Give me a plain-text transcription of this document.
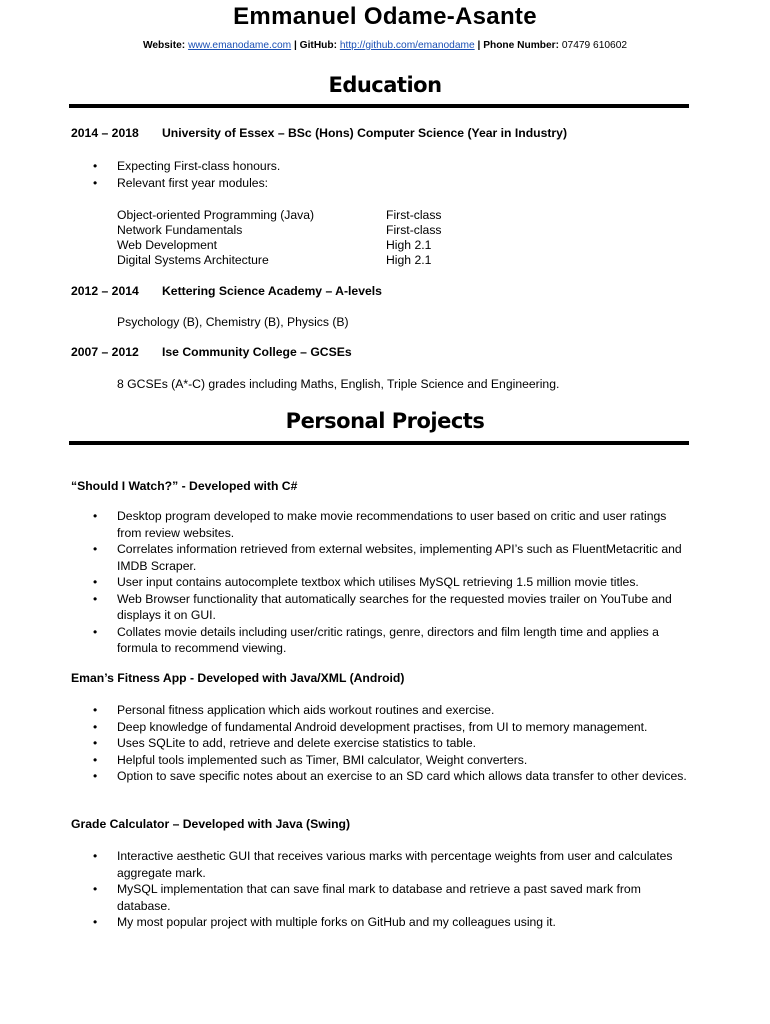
Emmanuel Odame-Asante
Website: www.emanodame.com | GitHub: http://github.com/emanodame | Phone Number: 07479 610602
Education
2014 – 2018 University of Essex – BSc (Hons) Computer Science (Year in Industry)
• Expecting First-class honours.
• Relevant first year modules:
Object-oriented Programming (Java)	First-class
Network Fundamentals	First-class
Web Development	High 2.1
Digital Systems Architecture	High 2.1
2012 – 2014 Kettering Science Academy – A-levels
Psychology (B), Chemistry (B), Physics (B)
2007 – 2012 Ise Community College – GCSEs
8 GCSEs (A*-C) grades including Maths, English, Triple Science and Engineering.
Personal Projects
“Should I Watch?” - Developed with C#
• Desktop program developed to make movie recommendations to user based on critic and user ratings from review websites.
• Correlates information retrieved from external websites, implementing API’s such as FluentMetacritic and IMDB Scraper.
• User input contains autocomplete textbox which utilises MySQL retrieving 1.5 million movie titles.
• Web Browser functionality that automatically searches for the requested movies trailer on YouTube and displays it on GUI.
• Collates movie details including user/critic ratings, genre, directors and film length time and applies a formula to recommend viewing.
Eman’s Fitness App - Developed with Java/XML (Android)
• Personal fitness application which aids workout routines and exercise.
• Deep knowledge of fundamental Android development practises, from UI to memory management.
• Uses SQLite to add, retrieve and delete exercise statistics to table.
• Helpful tools implemented such as Timer, BMI calculator, Weight converters.
• Option to save specific notes about an exercise to an SD card which allows data transfer to other devices.
Grade Calculator – Developed with Java (Swing)
• Interactive aesthetic GUI that receives various marks with percentage weights from user and calculates aggregate mark.
• MySQL implementation that can save final mark to database and retrieve a past saved mark from database.
• My most popular project with multiple forks on GitHub and my colleagues using it.
